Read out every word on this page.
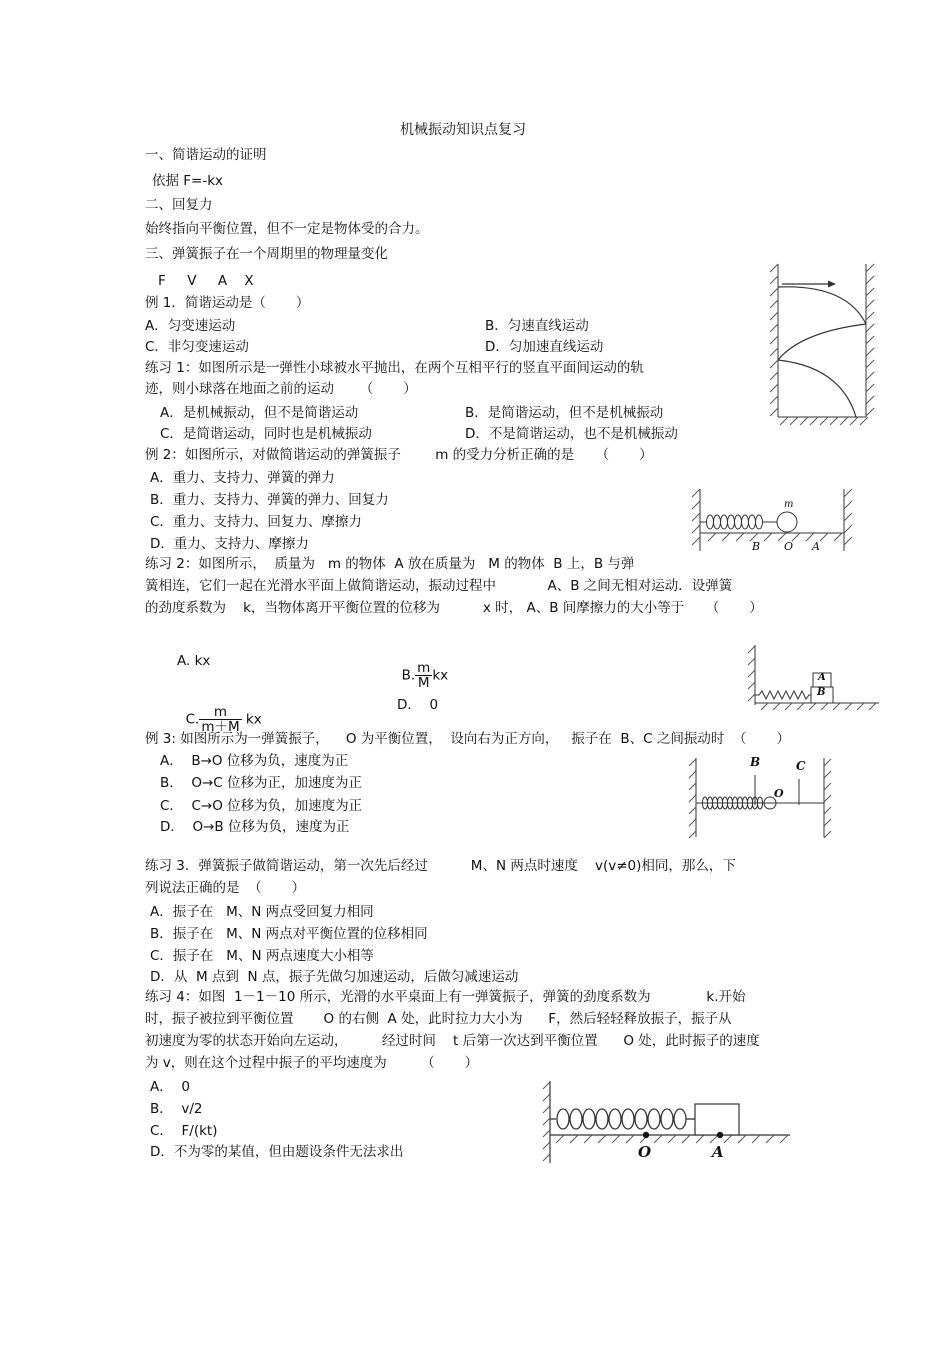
机械振动知识点复习
一、简谐运动的证明
依据 F=-kx
二、回复力
始终指向平衡位置，但不一定是物体受的合力。
三、弹簧振子在一个周期里的物理量变化
F     V     A    X
例 1．简谐运动是（       ）
A．匀变速运动	B．匀速直线运动
C．非匀变速运动	D．匀加速直线运动
练习 1：如图所示是一弹性小球被水平抛出，在两个互相平行的竖直平面间运动的轨
迹，则小球落在地面之前的运动      （       ）
A．是机械振动，但不是简谐运动	B．是简谐运动，但不是机械振动
C．是简谐运动，同时也是机械振动	D．不是简谐运动，也不是机械振动
例 2：如图所示，对做简谐运动的弹簧振子        m 的受力分析正确的是     （       ）
A．重力、支持力、弹簧的弹力
B．重力、支持力、弹簧的弹力、回复力
C．重力、支持力、回复力、摩擦力
D．重力、支持力、摩擦力
m
B O A
练习 2：如图所示，  质量为   m 的物体  A 放在质量为   M 的物体  B 上，B 与弹
簧相连，它们一起在光滑水平面上做简谐运动，振动过程中            A、B 之间无相对运动．设弹簧
的劲度系数为    k，当物体离开平衡位置的位移为          x 时， A、B 间摩擦力的大小等于     （       ）
A. kx

B. $\frac{m}{M}$ kx

C. $\frac{m}{m+M}$ kx

D．  0
A
B
例 3: 如图所示为一弹簧振子，    O 为平衡位置，  设向右为正方向，   振子在  B、C 之间振动时  （       ）
A．  B→O 位移为负，速度为正
B．  O→C 位移为正，加速度为正
C．  C→O 位移为负，加速度为正
D．  O→B 位移为负，速度为正
B	C
O
练习 3．弹簧振子做简谐运动，第一次先后经过          M、N 两点时速度    v(v≠0)相同，那么，下
列说法正确的是  （       ）
A．振子在   M、N 两点受回复力相同
B．振子在   M、N 两点对平衡位置的位移相同
C．振子在   M、N 两点速度大小相等
D．从  M 点到  N 点，振子先做匀加速运动，后做匀减速运动
练习 4：如图  1－1－10 所示，光滑的水平桌面上有一弹簧振子，弹簧的劲度系数为             k.开始
时，振子被拉到平衡位置       O 的右侧  A 处，此时拉力大小为      F，然后轻轻释放振子，振子从
初速度为零的状态开始向左运动，        经过时间    t 后第一次达到平衡位置      O 处，此时振子的速度
为 v，则在这个过程中振子的平均速度为        （       ）
A．  0
B．  v/2
C．  F/(kt)
D．不为零的某值，但由题设条件无法求出	O	A
